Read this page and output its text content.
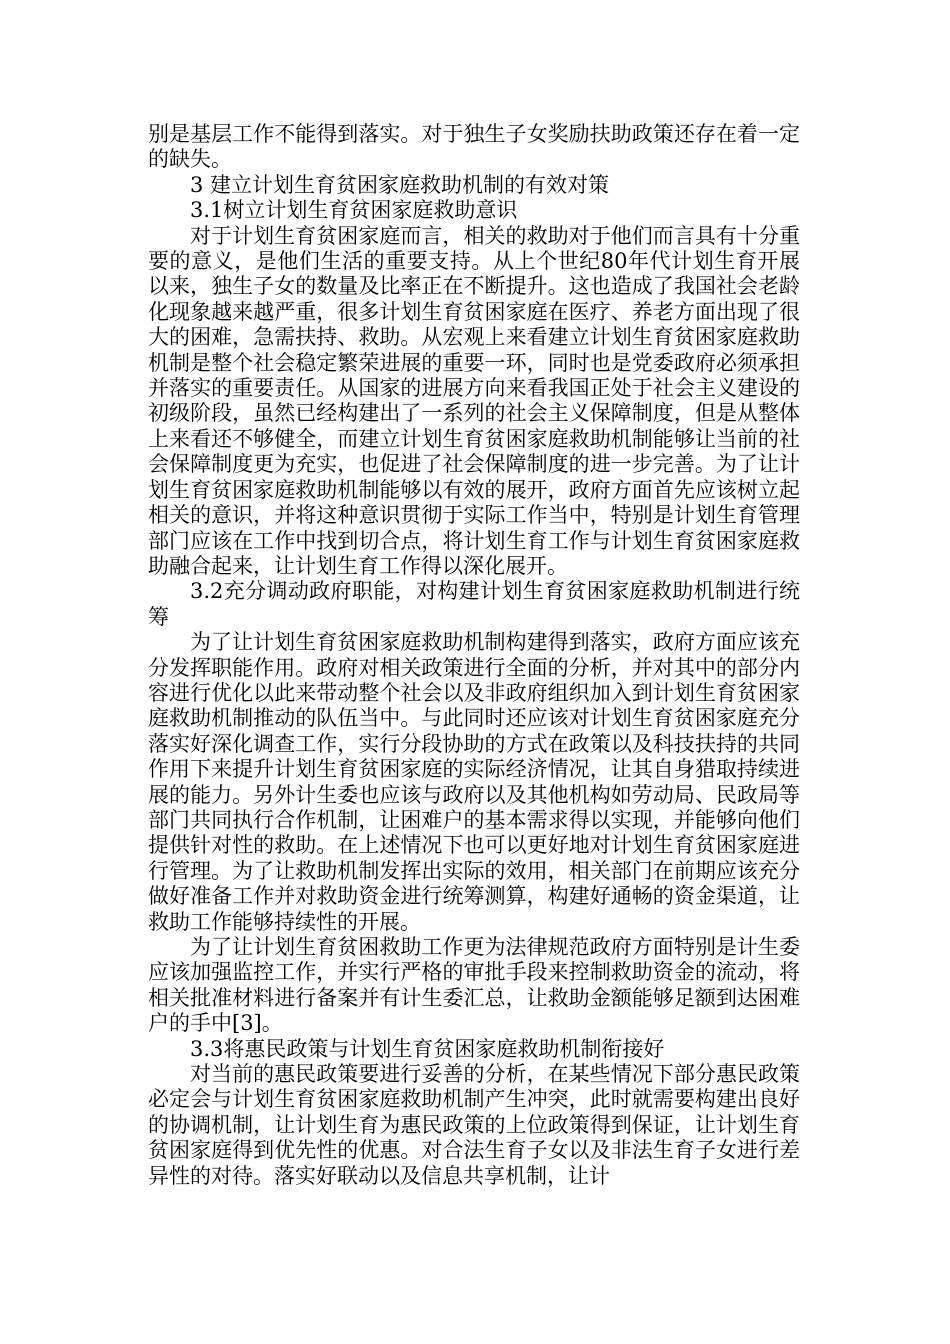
别是基层工作不能得到落实。对于独生子女奖励扶助政策还存在着一定的缺失。

3 建立计划生育贫困家庭救助机制的有效对策

3.1树立计划生育贫困家庭救助意识

对于计划生育贫困家庭而言，相关的救助对于他们而言具有十分重要的意义，是他们生活的重要支持。从上个世纪80年代计划生育开展以来，独生子女的数量及比率正在不断提升。这也造成了我国社会老龄化现象越来越严重，很多计划生育贫困家庭在医疗、养老方面出现了很大的困难，急需扶持、救助。从宏观上来看建立计划生育贫困家庭救助机制是整个社会稳定繁荣进展的重要一环，同时也是党委政府必须承担并落实的重要责任。从国家的进展方向来看我国正处于社会主义建设的初级阶段，虽然已经构建出了一系列的社会主义保障制度，但是从整体上来看还不够健全，而建立计划生育贫困家庭救助机制能够让当前的社会保障制度更为充实，也促进了社会保障制度的进一步完善。为了让计划生育贫困家庭救助机制能够以有效的展开，政府方面首先应该树立起相关的意识，并将这种意识贯彻于实际工作当中，特别是计划生育管理部门应该在工作中找到切合点，将计划生育工作与计划生育贫困家庭救助融合起来，让计划生育工作得以深化展开。

3.2充分调动政府职能，对构建计划生育贫困家庭救助机制进行统筹

为了让计划生育贫困家庭救助机制构建得到落实，政府方面应该充分发挥职能作用。政府对相关政策进行全面的分析，并对其中的部分内容进行优化以此来带动整个社会以及非政府组织加入到计划生育贫困家庭救助机制推动的队伍当中。与此同时还应该对计划生育贫困家庭充分落实好深化调查工作，实行分段协助的方式在政策以及科技扶持的共同作用下来提升计划生育贫困家庭的实际经济情况，让其自身猎取持续进展的能力。另外计生委也应该与政府以及其他机构如劳动局、民政局等部门共同执行合作机制，让困难户的基本需求得以实现，并能够向他们提供针对性的救助。在上述情况下也可以更好地对计划生育贫困家庭进行管理。为了让救助机制发挥出实际的效用，相关部门在前期应该充分做好准备工作并对救助资金进行统筹测算，构建好通畅的资金渠道，让救助工作能够持续性的开展。

为了让计划生育贫困救助工作更为法律规范政府方面特别是计生委应该加强监控工作，并实行严格的审批手段来控制救助资金的流动，将相关批准材料进行备案并有计生委汇总，让救助金额能够足额到达困难户的手中[3]。

3.3将惠民政策与计划生育贫困家庭救助机制衔接好

对当前的惠民政策要进行妥善的分析，在某些情况下部分惠民政策必定会与计划生育贫困家庭救助机制产生冲突，此时就需要构建出良好的协调机制，让计划生育为惠民政策的上位政策得到保证，让计划生育贫困家庭得到优先性的优惠。对合法生育子女以及非法生育子女进行差异性的对待。落实好联动以及信息共享机制，让计
